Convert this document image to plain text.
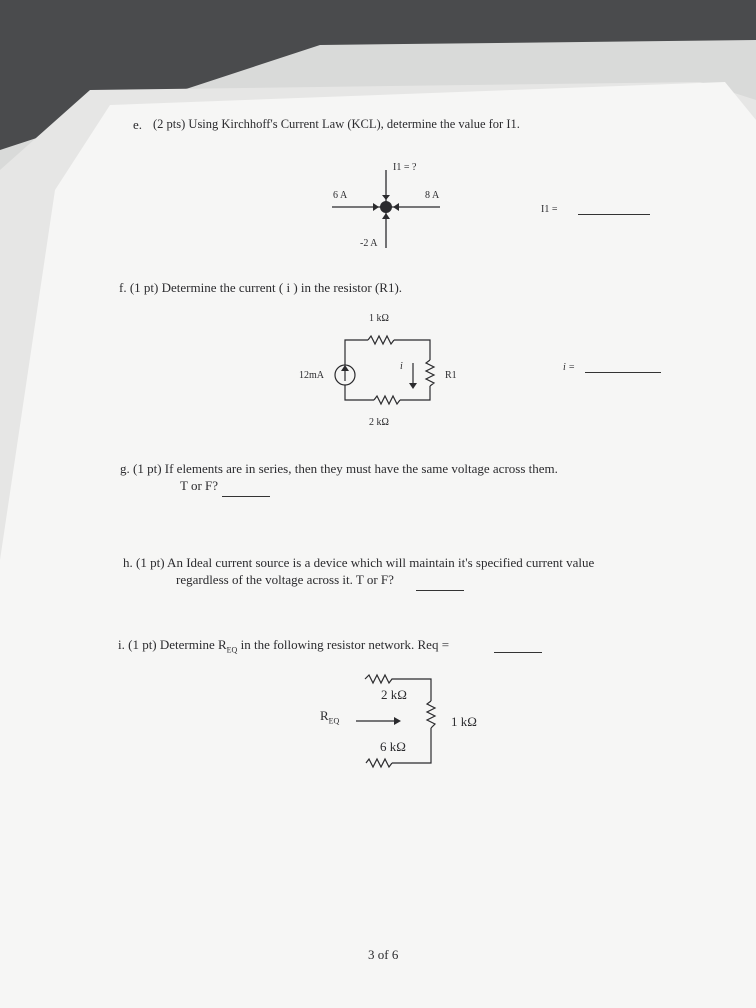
e. (2 pts) Using Kirchhoff's Current Law (KCL), determine the value for I1.
I1 = ?
6 A	8 A
-2 A
I1 =
f. (1 pt) Determine the current ( i ) in the resistor (R1).
1 kΩ
2 kΩ
12mA
i
R1
i =
g. (1 pt) If elements are in series, then they must have the same voltage across them.
T or F?
h. (1 pt) An Ideal current source is a device which will maintain it's specified current value
regardless of the voltage across it. T or F?
i. (1 pt) Determine $R_{EQ}$ in the following resistor network. Req =
2 kΩ
6 kΩ
1 kΩ
$R_{EQ}$
3 of 6
